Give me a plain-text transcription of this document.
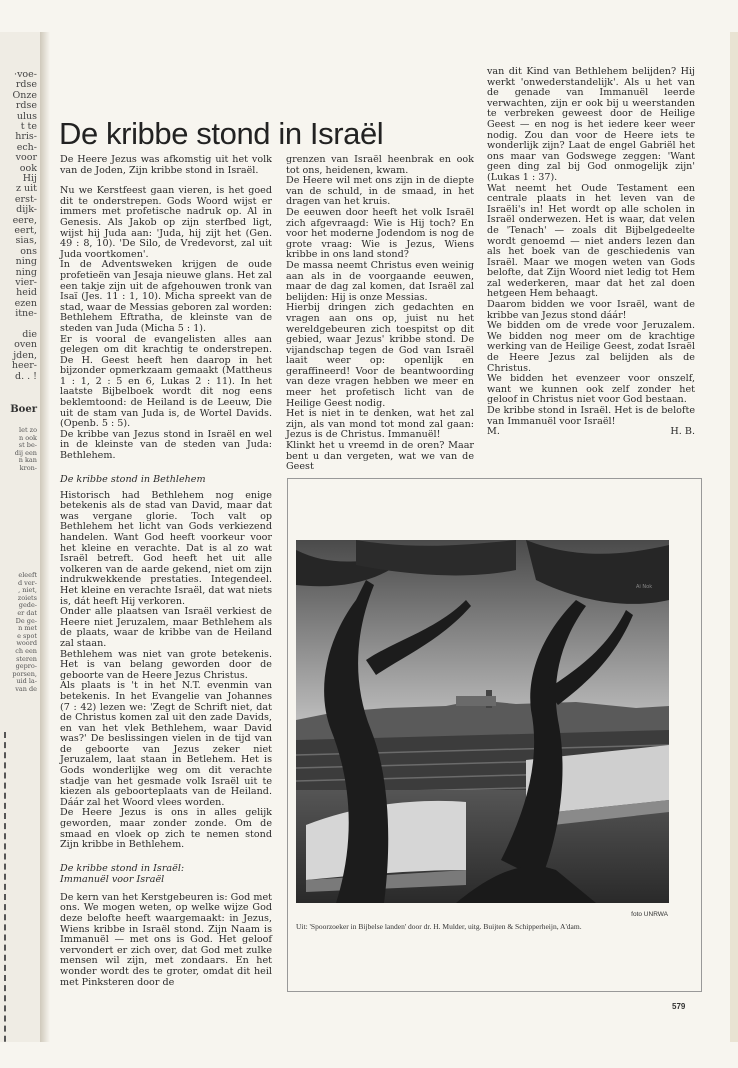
·voe-
rdse
Onze
rdse
ulus
t te
hris-
ech-
voor
ook
Hij
z uit
erst-
dijk-
eere,
eert,
sias,
ons
ning
ning
vier-
heid
ezen
itne-
die
oven
jden,
heer-
d. . !
Boer
let zo
n ook
st be-
dij een
n kan
kron-
eleeft
d ver-
, niet,
zoiets
gede-
er dat
De ge-
n met
e spot
woord
ch een
steren
gepro-
porsen,
uid la-
van de
De kribbe stond in Israël

De Heere Jezus was afkomstig uit het volk van de Joden, Zijn kribbe stond in Israël.

Nu we Kerstfeest gaan vieren, is het goed dit te onderstrepen. Gods Woord wijst er immers met profetische nadruk op. Al in Genesis. Als Jakob op zijn sterfbed ligt, wijst hij Juda aan: 'Juda, hij zijt het (Gen. 49 : 8, 10). 'De Silo, de Vredevorst, zal uit Juda voortkomen'.

In de Adventsweken krijgen de oude profetieën van Jesaja nieuwe glans. Het zal een takje zijn uit de afgehouwen tronk van Isaï (Jes. 11 : 1, 10). Micha spreekt van de stad, waar de Messias geboren zal worden: Bethlehem Eftratha, de kleinste van de steden van Juda (Micha 5 : 1).

Er is vooral de evangelisten alles aan gelegen om dit krachtig te onderstrepen. De H. Geest heeft hen daarop in het bijzonder opmerkzaam gemaakt (Mattheus 1 : 1, 2 : 5 en 6, Lukas 2 : 11). In het laatste Bijbelboek wordt dit nog eens beklemtoond: de Heiland is de Leeuw, Die uit de stam van Juda is, de Wortel Davids. (Openb. 5 : 5).

De kribbe van Jezus stond in Israël en wel in de kleinste van de steden van Juda: Bethlehem.

De kribbe stond in Bethlehem

Historisch had Bethlehem nog enige betekenis als de stad van David, maar dat was vergane glorie. Toch valt op Bethlehem het licht van Gods verkiezend handelen. Want God heeft voorkeur voor het kleine en verachte. Dat is al zo wat Israël betreft. God heeft het uit alle volkeren van de aarde gekend, niet om zijn indrukwekkende prestaties. Integendeel. Het kleine en verachte Israël, dat wat niets is, dát heeft Hij verkoren.

Onder alle plaatsen van Israël verkiest de Heere niet Jeruzalem, maar Bethlehem als de plaats, waar de kribbe van de Heiland zal staan.

Bethlehem was niet van grote betekenis. Het is van belang geworden door de geboorte van de Heere Jezus Christus.

Als plaats is 't in het N.T. evenmin van betekenis. In het Evangelie van Johannes (7 : 42) lezen we: 'Zegt de Schrift niet, dat de Christus komen zal uit den zade Davids, en van het vlek Bethlehem, waar David was?' De beslissingen vielen in de tijd van de geboorte van Jezus zeker niet Jeruzalem, laat staan in Betlehem. Het is Gods wonderlijke weg om dit verachte stadje van het gesmade volk Israël uit te kiezen als geboorteplaats van de Heiland. Dáár zal het Woord vlees worden.

De Heere Jezus is ons in alles gelijk geworden, maar zonder zonde. Om de smaad en vloek op zich te nemen stond Zijn kribbe in Bethlehem.

De kribbe stond in Israël:
Immanuël voor Israël

De kern van het Kerstgebeuren is: God met ons. We mogen weten, op welke wijze God deze belofte heeft waargemaakt: in Jezus, Wiens kribbe in Israël stond. Zijn Naam is Immanuël — met ons is God. Het geloof vervondert er zich over, dat God met zulke mensen wil zijn, met zondaars. En het wonder wordt des te groter, omdat dit heil met Pinksteren door de

grenzen van Israël heenbrak en ook tot ons, heidenen, kwam.

De Heere wil met ons zijn in de diepte van de schuld, in de smaad, in het dragen van het kruis.

De eeuwen door heeft het volk Israël zich afgevraagd: Wie is Hij toch? En voor het moderne Jodendom is nog de grote vraag: Wie is Jezus, Wiens kribbe in ons land stond?

De massa neemt Christus even weinig aan als in de voorgaande eeuwen, maar de dag zal komen, dat Israël zal belijden: Hij is onze Messias.

Hierbij dringen zich gedachten en vragen aan ons op, juist nu het wereldgebeuren zich toespitst op dit gebied, waar Jezus' kribbe stond. De vijandschap tegen de God van Israël laait weer op: openlijk en geraffineerd! Voor de beantwoording van deze vragen hebben we meer en meer het profetisch licht van de Heilige Geest nodig.

Het is niet in te denken, wat het zal zijn, als van mond tot mond zal gaan: Jezus is de Christus. Immanuël!

Klinkt het u vreemd in de oren? Maar bent u dan vergeten, wat we van de Geest

van dit Kind van Bethlehem belijden? Hij werkt 'onwederstandelijk'. Als u het van de genade van Immanuël leerde verwachten, zijn er ook bij u weerstanden te verbreken geweest door de Heilige Geest — en nog is het iedere keer weer nodig. Zou dan voor de Heere iets te wonderlijk zijn? Laat de engel Gabriël het ons maar van Godswege zeggen: 'Want geen ding zal bij God onmogelijk zijn' (Lukas 1 : 37).

Wat neemt het Oude Testament een centrale plaats in het leven van de Israëli's in! Het wordt op alle scholen in Israël onderwezen. Het is waar, dat velen de 'Tenach' — zoals dit Bijbelgedeelte wordt genoemd — niet anders lezen dan als het boek van de geschiedenis van Israël. Maar we mogen weten van Gods belofte, dat Zijn Woord niet ledig tot Hem zal wederkeren, maar dat het zal doen hetgeen Hem behaagt.

Daarom bidden we voor Israël, want de kribbe van Jezus stond dáár!

We bidden om de vrede voor Jeruzalem. We bidden nog meer om de krachtige werking van de Heilige Geest, zodat Israël de Heere Jezus zal belijden als de Christus.

We bidden het evenzeer voor onszelf, want we kunnen ook zelf zonder het geloof in Christus niet voor God bestaan.

De kribbe stond in Israël. Het is de belofte van Immanuël voor Israël!

M.	H. B.
Ai Nok
foto UNRWA
Uit: 'Spoorzoeker in Bijbelse landen' door dr. H. Mulder, uitg. Buijten & Schipperheijn, A'dam.
579
